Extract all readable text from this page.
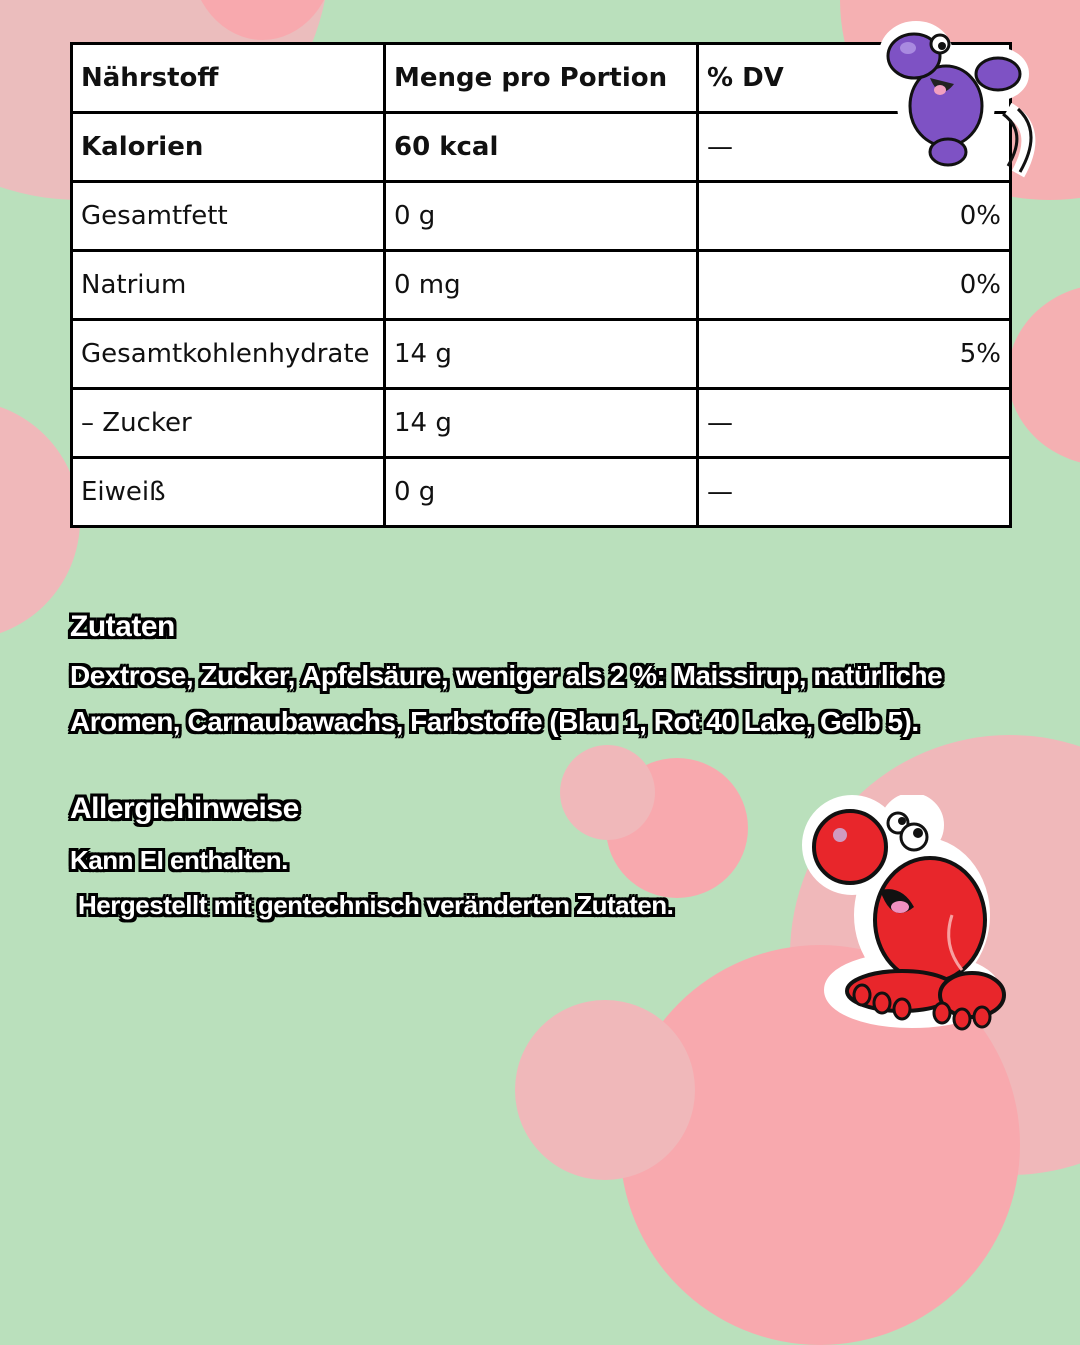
Nährstoff	Menge pro Portion	% DV
Kalorien	60 kcal	—
Gesamtfett	0 g	0%
Natrium	0 mg	0%
Gesamtkohlenhydrate	14 g	5%
– Zucker	14 g	—
Eiweiß	0 g	—
Zutaten
Dextrose, Zucker, Apfelsäure, weniger als 2 %: Maissirup, natürliche
Aromen, Carnaubawachs, Farbstoffe (Blau 1, Rot 40 Lake, Gelb 5).
Allergiehinweise
Kann EI enthalten.
Hergestellt mit gentechnisch veränderten Zutaten.
